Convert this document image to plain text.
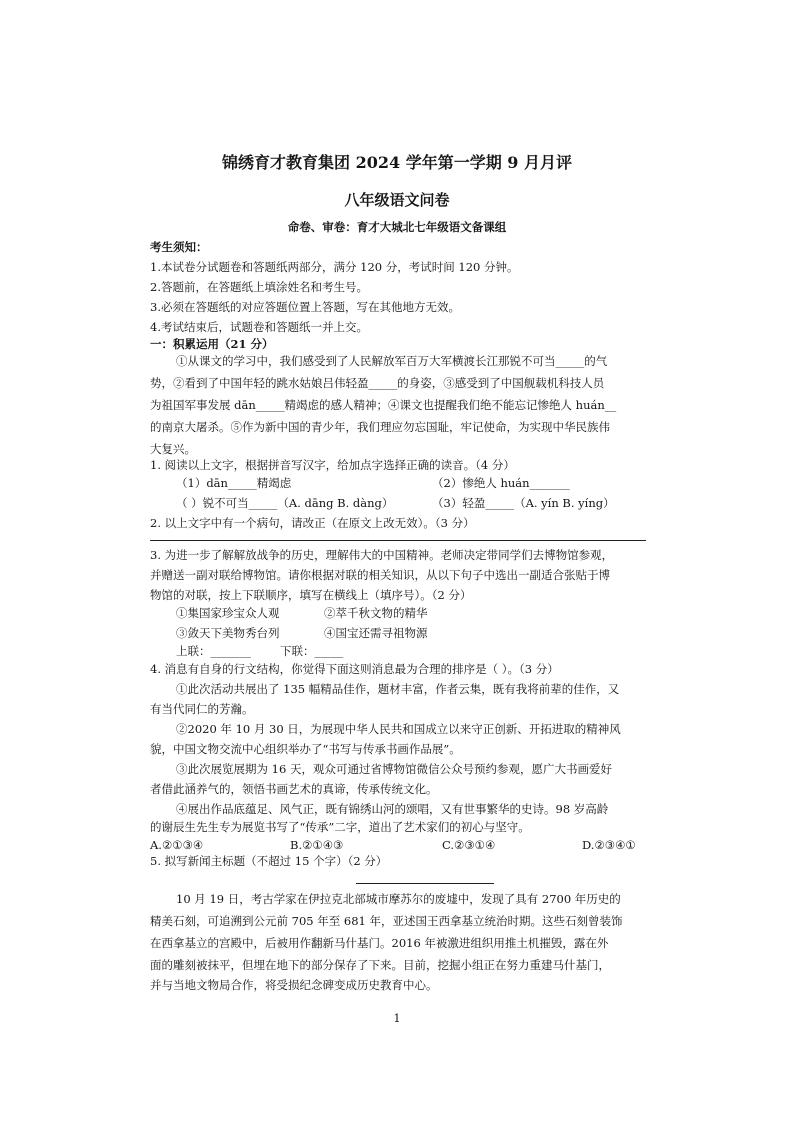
锦绣育才教育集团 2024 学年第一学期 9 月月评
八年级语文问卷
命卷、审卷：育才大城北七年级语文备课组
考生须知：
1.本试卷分试题卷和答题纸两部分，满分 120 分，考试时间 120 分钟。
2.答题前，在答题纸上填涂姓名和考生号。
3.必须在答题纸的对应答题位置上答题，写在其他地方无效。
4.考试结束后，试题卷和答题纸一并上交。
一：积累运用（21 分）
①从课文的学习中，我们感受到了人民解放军百万大军横渡长江那锐不可当_____的气
势，②看到了中国年轻的跳水姑娘吕伟轻盈_____的身姿，③感受到了中国舰载机科技人员
为祖国军事发展 dān_____精竭虑的感人精神；④课文也提醒我们绝不能忘记惨绝人 huán__
的南京大屠杀。⑤作为新中国的青少年，我们理应勿忘国耻，牢记使命，为实现中华民族伟
大复兴。
1. 阅读以上文字，根据拼音写汉字，给加点字选择正确的读音。（4 分）
（1）dān_____精竭虑	（2）惨绝人 huán_______
（ ）锐不可当_____（A. dāng B. dàng）	（3）轻盈_____（A. yín B. yíng）
2. 以上文字中有一个病句，请改正（在原文上改无效）。（3 分）
3. 为进一步了解解放战争的历史，理解伟大的中国精神。老师决定带同学们去博物馆参观，
并赠送一副对联给博物馆。请你根据对联的相关知识，从以下句子中选出一副适合张贴于博
物馆的对联，按上下联顺序，填写在横线上（填序号）。（2 分）
①集国家珍宝众人观	②萃千秋文物的精华
③敛天下美物秀台列	④国宝还需寻祖物源
上联：_______	下联：_____
4. 消息有自身的行文结构，你觉得下面这则消息最为合理的排序是（ ）。（3 分）
①此次活动共展出了 135 幅精品佳作，题材丰富，作者云集，既有我将前辈的佳作，又
有当代同仁的芳瀚。
②2020 年 10 月 30 日，为展现中华人民共和国成立以来守正创新、开拓进取的精神风
貌，中国文物交流中心组织举办了“书写与传承书画作品展”。
③此次展览展期为 16 天，观众可通过省博物馆微信公众号预约参观，愿广大书画爱好
者借此涵养气的，领悟书画艺术的真谛，传承传统文化。
④展出作品底蕴足、风气正，既有锦绣山河的颂唱，又有世事繁华的史诗。98 岁高龄
的谢辰生先生专为展览书写了“传承”二字，道出了艺术家们的初心与坚守。
A.②①③④	B.②①④③	C.②③①④	D.②③④①
5. 拟写新闻主标题（不超过 15 个字）（2 分）
10 月 19 日，考古学家在伊拉克北部城市摩苏尔的废墟中，发现了具有 2700 年历史的
精美石刻，可追溯到公元前 705 年至 681 年，亚述国王西拿基立统治时期。这些石刻曾装饰
在西拿基立的宫殿中，后被用作翻新马什基门。2016 年被激进组织用推土机摧毁，露在外
面的雕刻被抹平，但埋在地下的部分保存了下来。目前，挖掘小组正在努力重建马什基门，
并与当地文物局合作，将受损纪念碑变成历史教育中心。
1
